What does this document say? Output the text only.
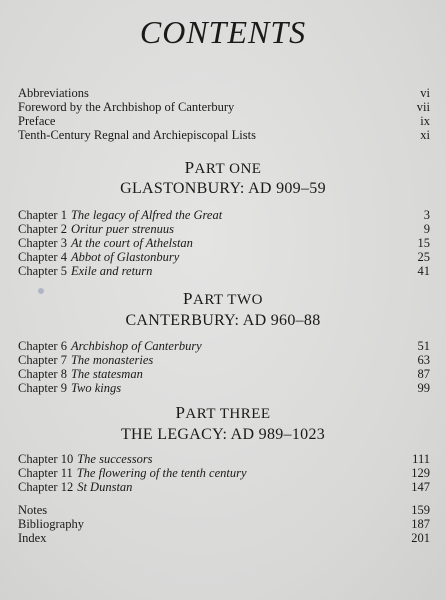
CONTENTS
Abbreviations	vi
Foreword by the Archbishop of Canterbury	vii
Preface	ix
Tenth-Century Regnal and Archiepiscopal Lists	xi
PART ONE
GLASTONBURY: AD 909–59
Chapter 1 The legacy of Alfred the Great	3
Chapter 2 Oritur puer strenuus	9
Chapter 3 At the court of Athelstan	15
Chapter 4 Abbot of Glastonbury	25
Chapter 5 Exile and return	41
PART TWO
CANTERBURY: AD 960–88
Chapter 6 Archbishop of Canterbury	51
Chapter 7 The monasteries	63
Chapter 8 The statesman	87
Chapter 9 Two kings	99
PART THREE
THE LEGACY: AD 989–1023
Chapter 10 The successors	111
Chapter 11 The flowering of the tenth century	129
Chapter 12 St Dunstan	147
Notes	159
Bibliography	187
Index	201
